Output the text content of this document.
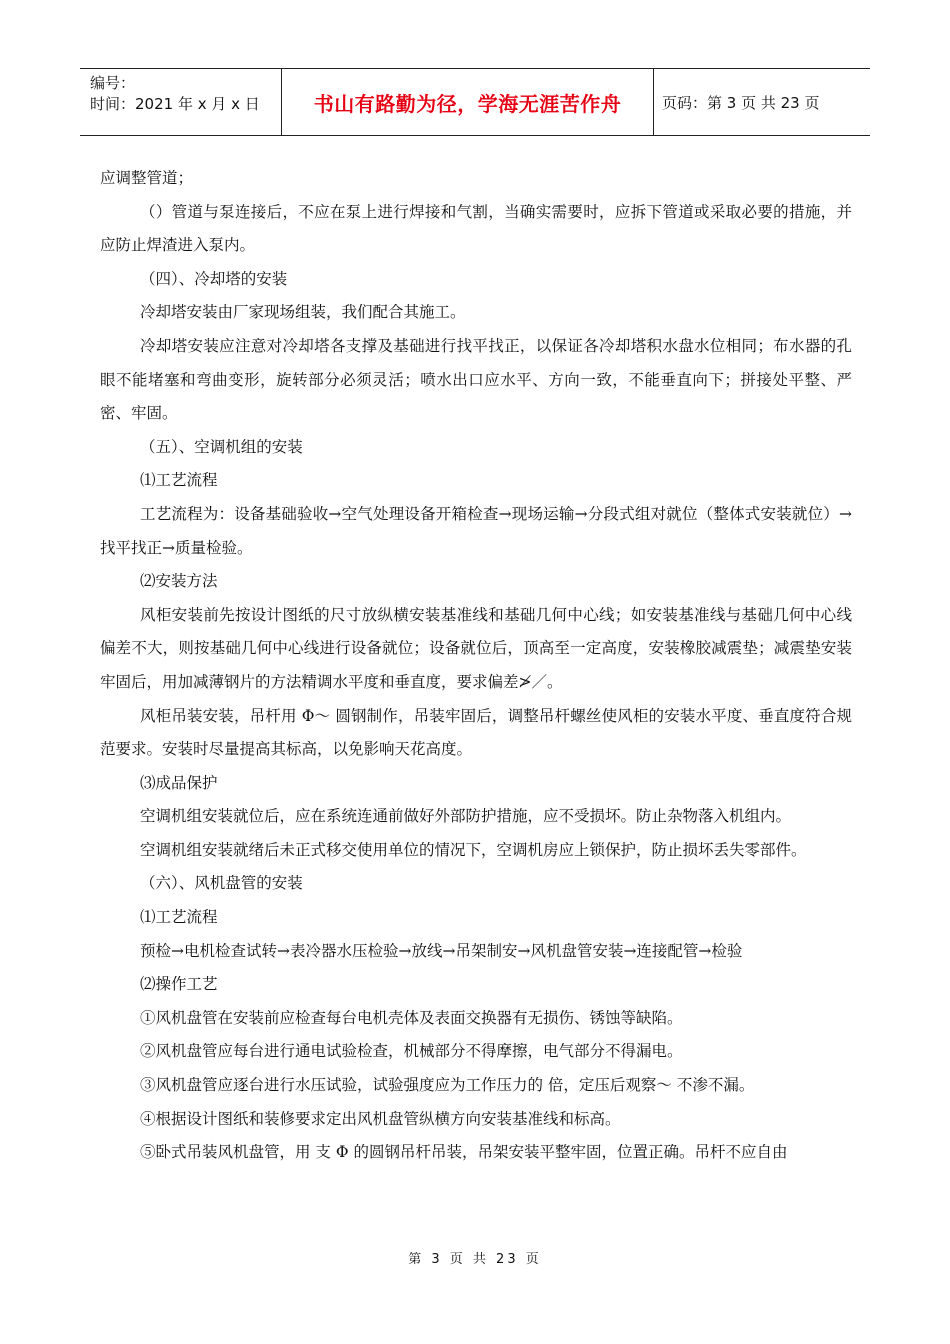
编号：
时间：2021 年 x 月 x 日	书山有路勤为径，学海无涯苦作舟	页码：第 3 页 共 23 页

应调整管道；

（）管道与泵连接后，不应在泵上进行焊接和气割，当确实需要时，应拆下管道或采取必要的措施，并应防止焊渣进入泵内。

（四）、冷却塔的安装

冷却塔安装由厂家现场组装，我们配合其施工。

冷却塔安装应注意对冷却塔各支撑及基础进行找平找正，以保证各冷却塔积水盘水位相同；布水器的孔眼不能堵塞和弯曲变形，旋转部分必须灵活；喷水出口应水平、方向一致，不能垂直向下；拼接处平整、严密、牢固。

（五）、空调机组的安装

⑴工艺流程

工艺流程为：设备基础验收→空气处理设备开箱检查→现场运输→分段式组对就位（整体式安装就位）→找平找正→质量检验。

⑵安装方法

风柜安装前先按设计图纸的尺寸放纵横安装基准线和基础几何中心线；如安装基准线与基础几何中心线偏差不大，则按基础几何中心线进行设备就位；设备就位后，顶高至一定高度，安装橡胶减震垫；减震垫安装牢固后，用加减薄钢片的方法精调水平度和垂直度，要求偏差≯／。

风柜吊装安装，吊杆用 Φ～ 圆钢制作，吊装牢固后，调整吊杆螺丝使风柜的安装水平度、垂直度符合规范要求。安装时尽量提高其标高，以免影响天花高度。

⑶成品保护

空调机组安装就位后，应在系统连通前做好外部防护措施，应不受损坏。防止杂物落入机组内。

空调机组安装就绪后未正式移交使用单位的情况下，空调机房应上锁保护，防止损坏丢失零部件。

（六）、风机盘管的安装

⑴工艺流程

预检→电机检查试转→表冷器水压检验→放线→吊架制安→风机盘管安装→连接配管→检验

⑵操作工艺

①风机盘管在安装前应检查每台电机壳体及表面交换器有无损伤、锈蚀等缺陷。

②风机盘管应每台进行通电试验检查，机械部分不得摩擦，电气部分不得漏电。

③风机盘管应逐台进行水压试验，试验强度应为工作压力的 倍，定压后观察～ 不渗不漏。

④根据设计图纸和装修要求定出风机盘管纵横方向安装基准线和标高。

⑤卧式吊装风机盘管，用 支 Φ 的圆钢吊杆吊装，吊架安装平整牢固，位置正确。吊杆不应自由

第 3 页 共 23 页
